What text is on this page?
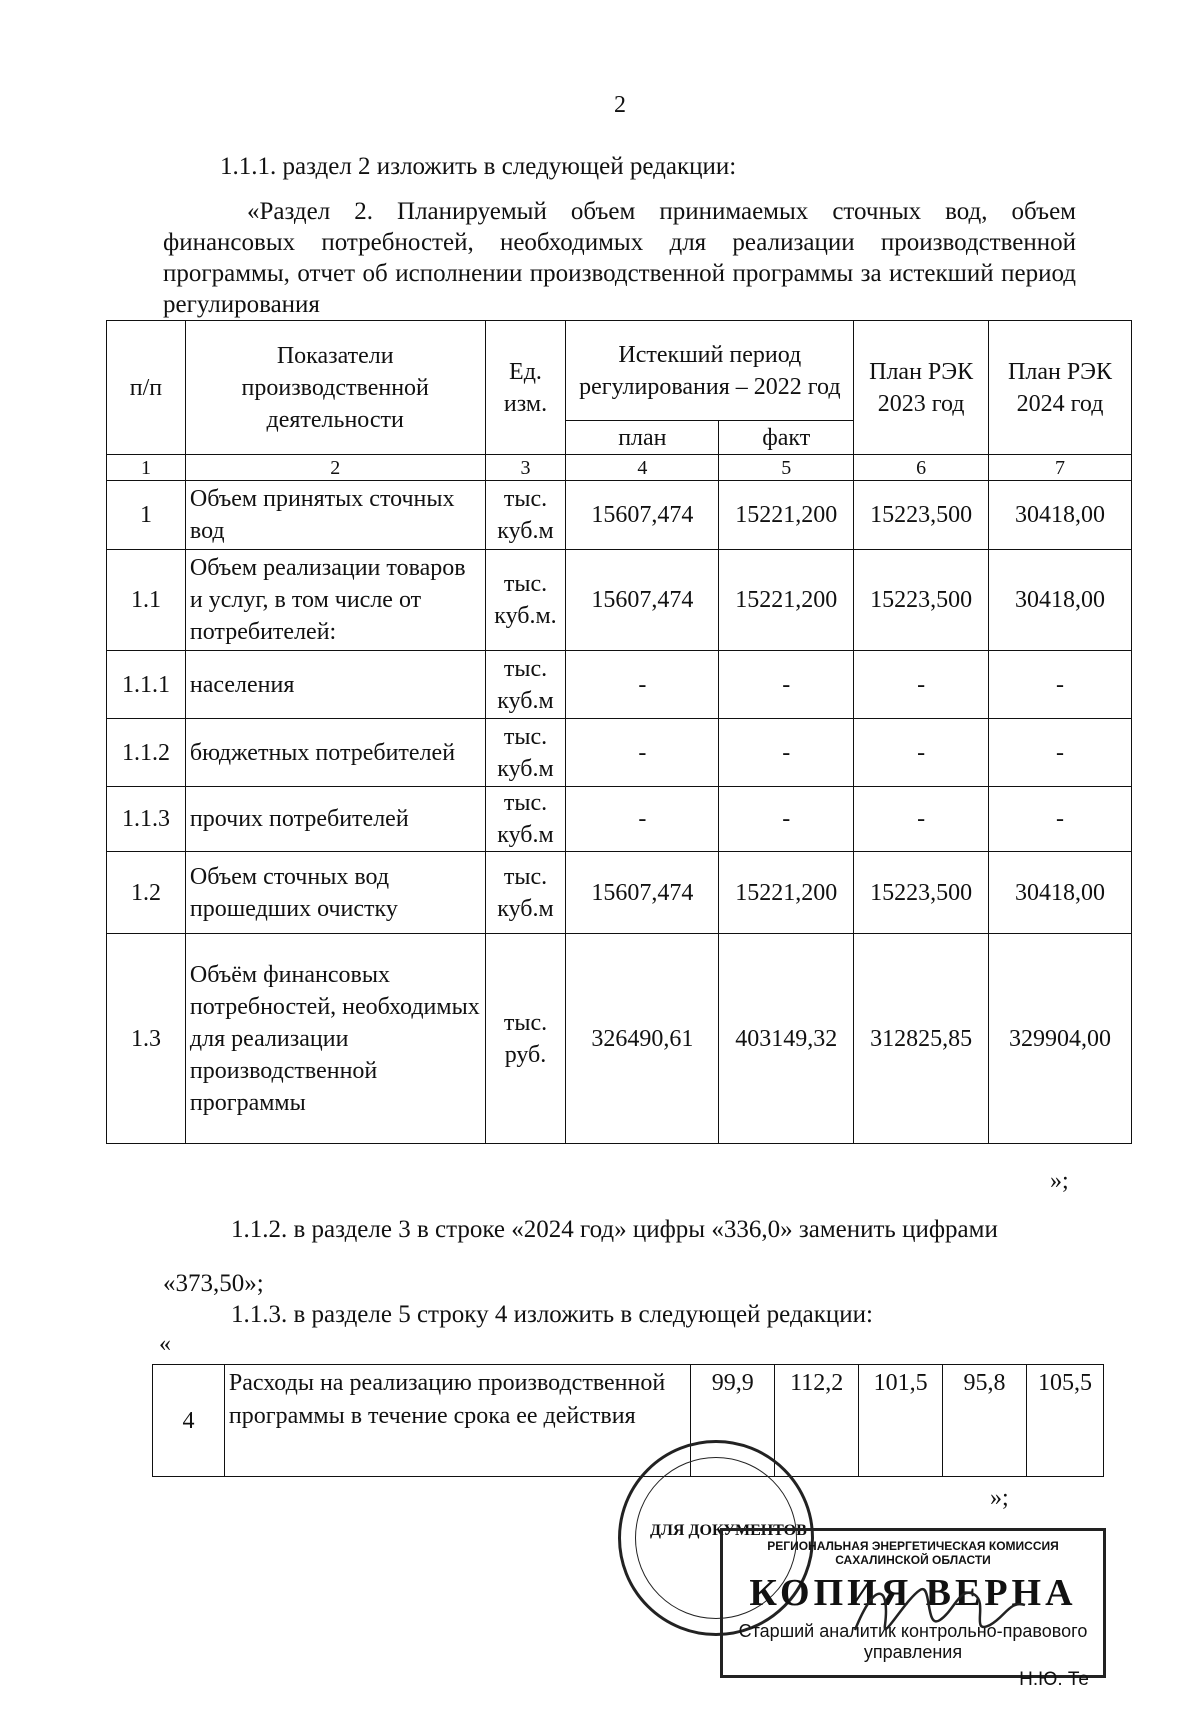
2
1.1.1. раздел 2 изложить в следующей редакции:
«Раздел 2. Планируемый объем принимаемых сточных вод, объем финансовых потребностей, необходимых для реализации производственной программы, отчет об исполнении производственной программы за истекший период регулирования
п/п	Показатели производственной деятельности	Ед. изм.	Истекший период регулирования – 2022 год		План РЭК 2023 год	План РЭК 2024 год
			план	факт		
1	2	3	4	5	6	7
1	Объем принятых сточных вод	тыс. куб.м	15607,474	15221,200	15223,500	30418,00
1.1	Объем реализации товаров и услуг, в том числе от потребителей:	тыс. куб.м.	15607,474	15221,200	15223,500	30418,00
1.1.1	населения	тыс. куб.м	-	-	-	-
1.1.2	бюджетных потребителей	тыс. куб.м	-	-	-	-
1.1.3	прочих потребителей	тыс. куб.м	-	-	-	-
1.2	Объем сточных вод прошедших очистку	тыс. куб.м	15607,474	15221,200	15223,500	30418,00
1.3	Объём финансовых потребностей, необходимых для реализации производственной программы	тыс. руб.	326490,61	403149,32	312825,85	329904,00
»;
1.1.2. в разделе 3 в строке «2024 год» цифры «336,0» заменить цифрами «373,50»;
1.1.3. в разделе 5 строку 4 изложить в следующей редакции:
«
4	Расходы на реализацию производственной программы в течение срока ее действия	99,9	112,2	101,5	95,8	105,5
»;
ДЛЯ ДОКУМЕНТОВ
РЕГИОНАЛЬНАЯ ЭНЕРГЕТИЧЕСКАЯ КОМИССИЯ САХАЛИНСКОЙ ОБЛАСТИ
КОПИЯ ВЕРНА
Старший аналитик контрольно-правового управления
Н.Ю. Те
